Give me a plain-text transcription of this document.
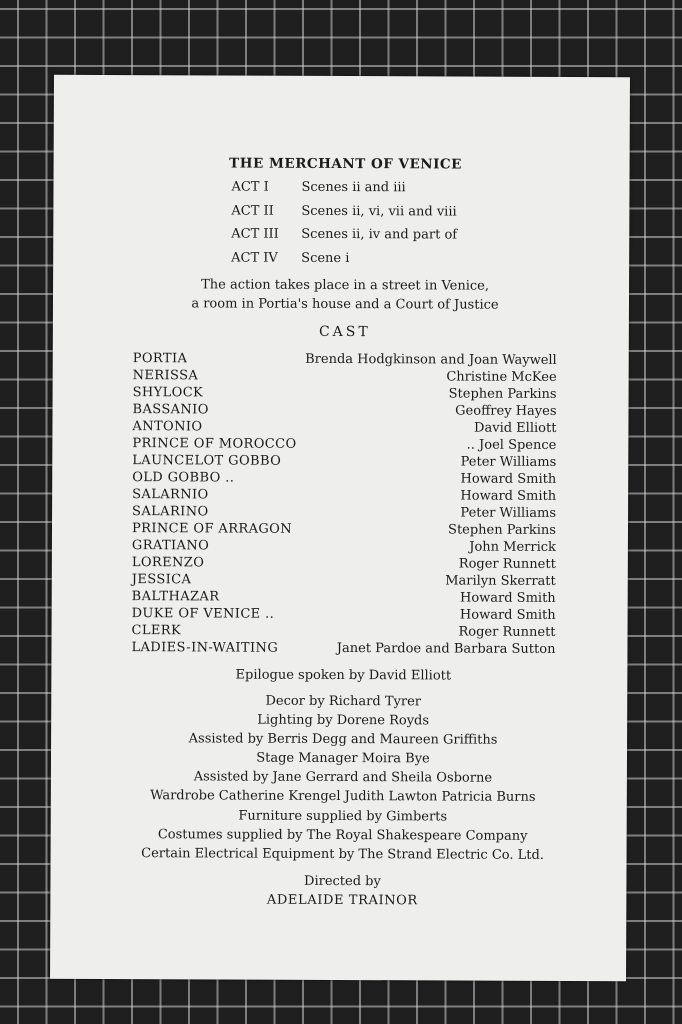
THE MERCHANT OF VENICE
ACT I	Scenes ii and iii
ACT II Scenes ii, vi, vii and viii
ACT III Scenes ii, iv and part of
ACT IV Scene i
The action takes place in a street in Venice,
a room in Portia's house and a Court of Justice
CAST
PORTIA	Brenda Hodgkinson and Joan Waywell
NERISSA	Christine McKee
SHYLOCK	Stephen Parkins
BASSANIO	Geoffrey Hayes
ANTONIO	David Elliott
PRINCE OF MOROCCO	.. Joel Spence
LAUNCELOT GOBBO	Peter Williams
OLD GOBBO ..	Howard Smith
SALARNIO	Howard Smith
SALARINO	Peter Williams
PRINCE OF ARRAGON	Stephen Parkins
GRATIANO	John Merrick
LORENZO	Roger Runnett
JESSICA	Marilyn Skerratt
BALTHAZAR	Howard Smith
DUKE OF VENICE ..	Howard Smith
CLERK	Roger Runnett
LADIES-IN-WAITING	Janet Pardoe and Barbara Sutton
Epilogue spoken by David Elliott
Decor by Richard Tyrer
Lighting by Dorene Royds
Assisted by Berris Degg and Maureen Griffiths
Stage Manager Moira Bye
Assisted by Jane Gerrard and Sheila Osborne
Wardrobe Catherine Krengel Judith Lawton Patricia Burns
Furniture supplied by Gimberts
Costumes supplied by The Royal Shakespeare Company
Certain Electrical Equipment by The Strand Electric Co. Ltd.
Directed by
ADELAIDE TRAINOR
